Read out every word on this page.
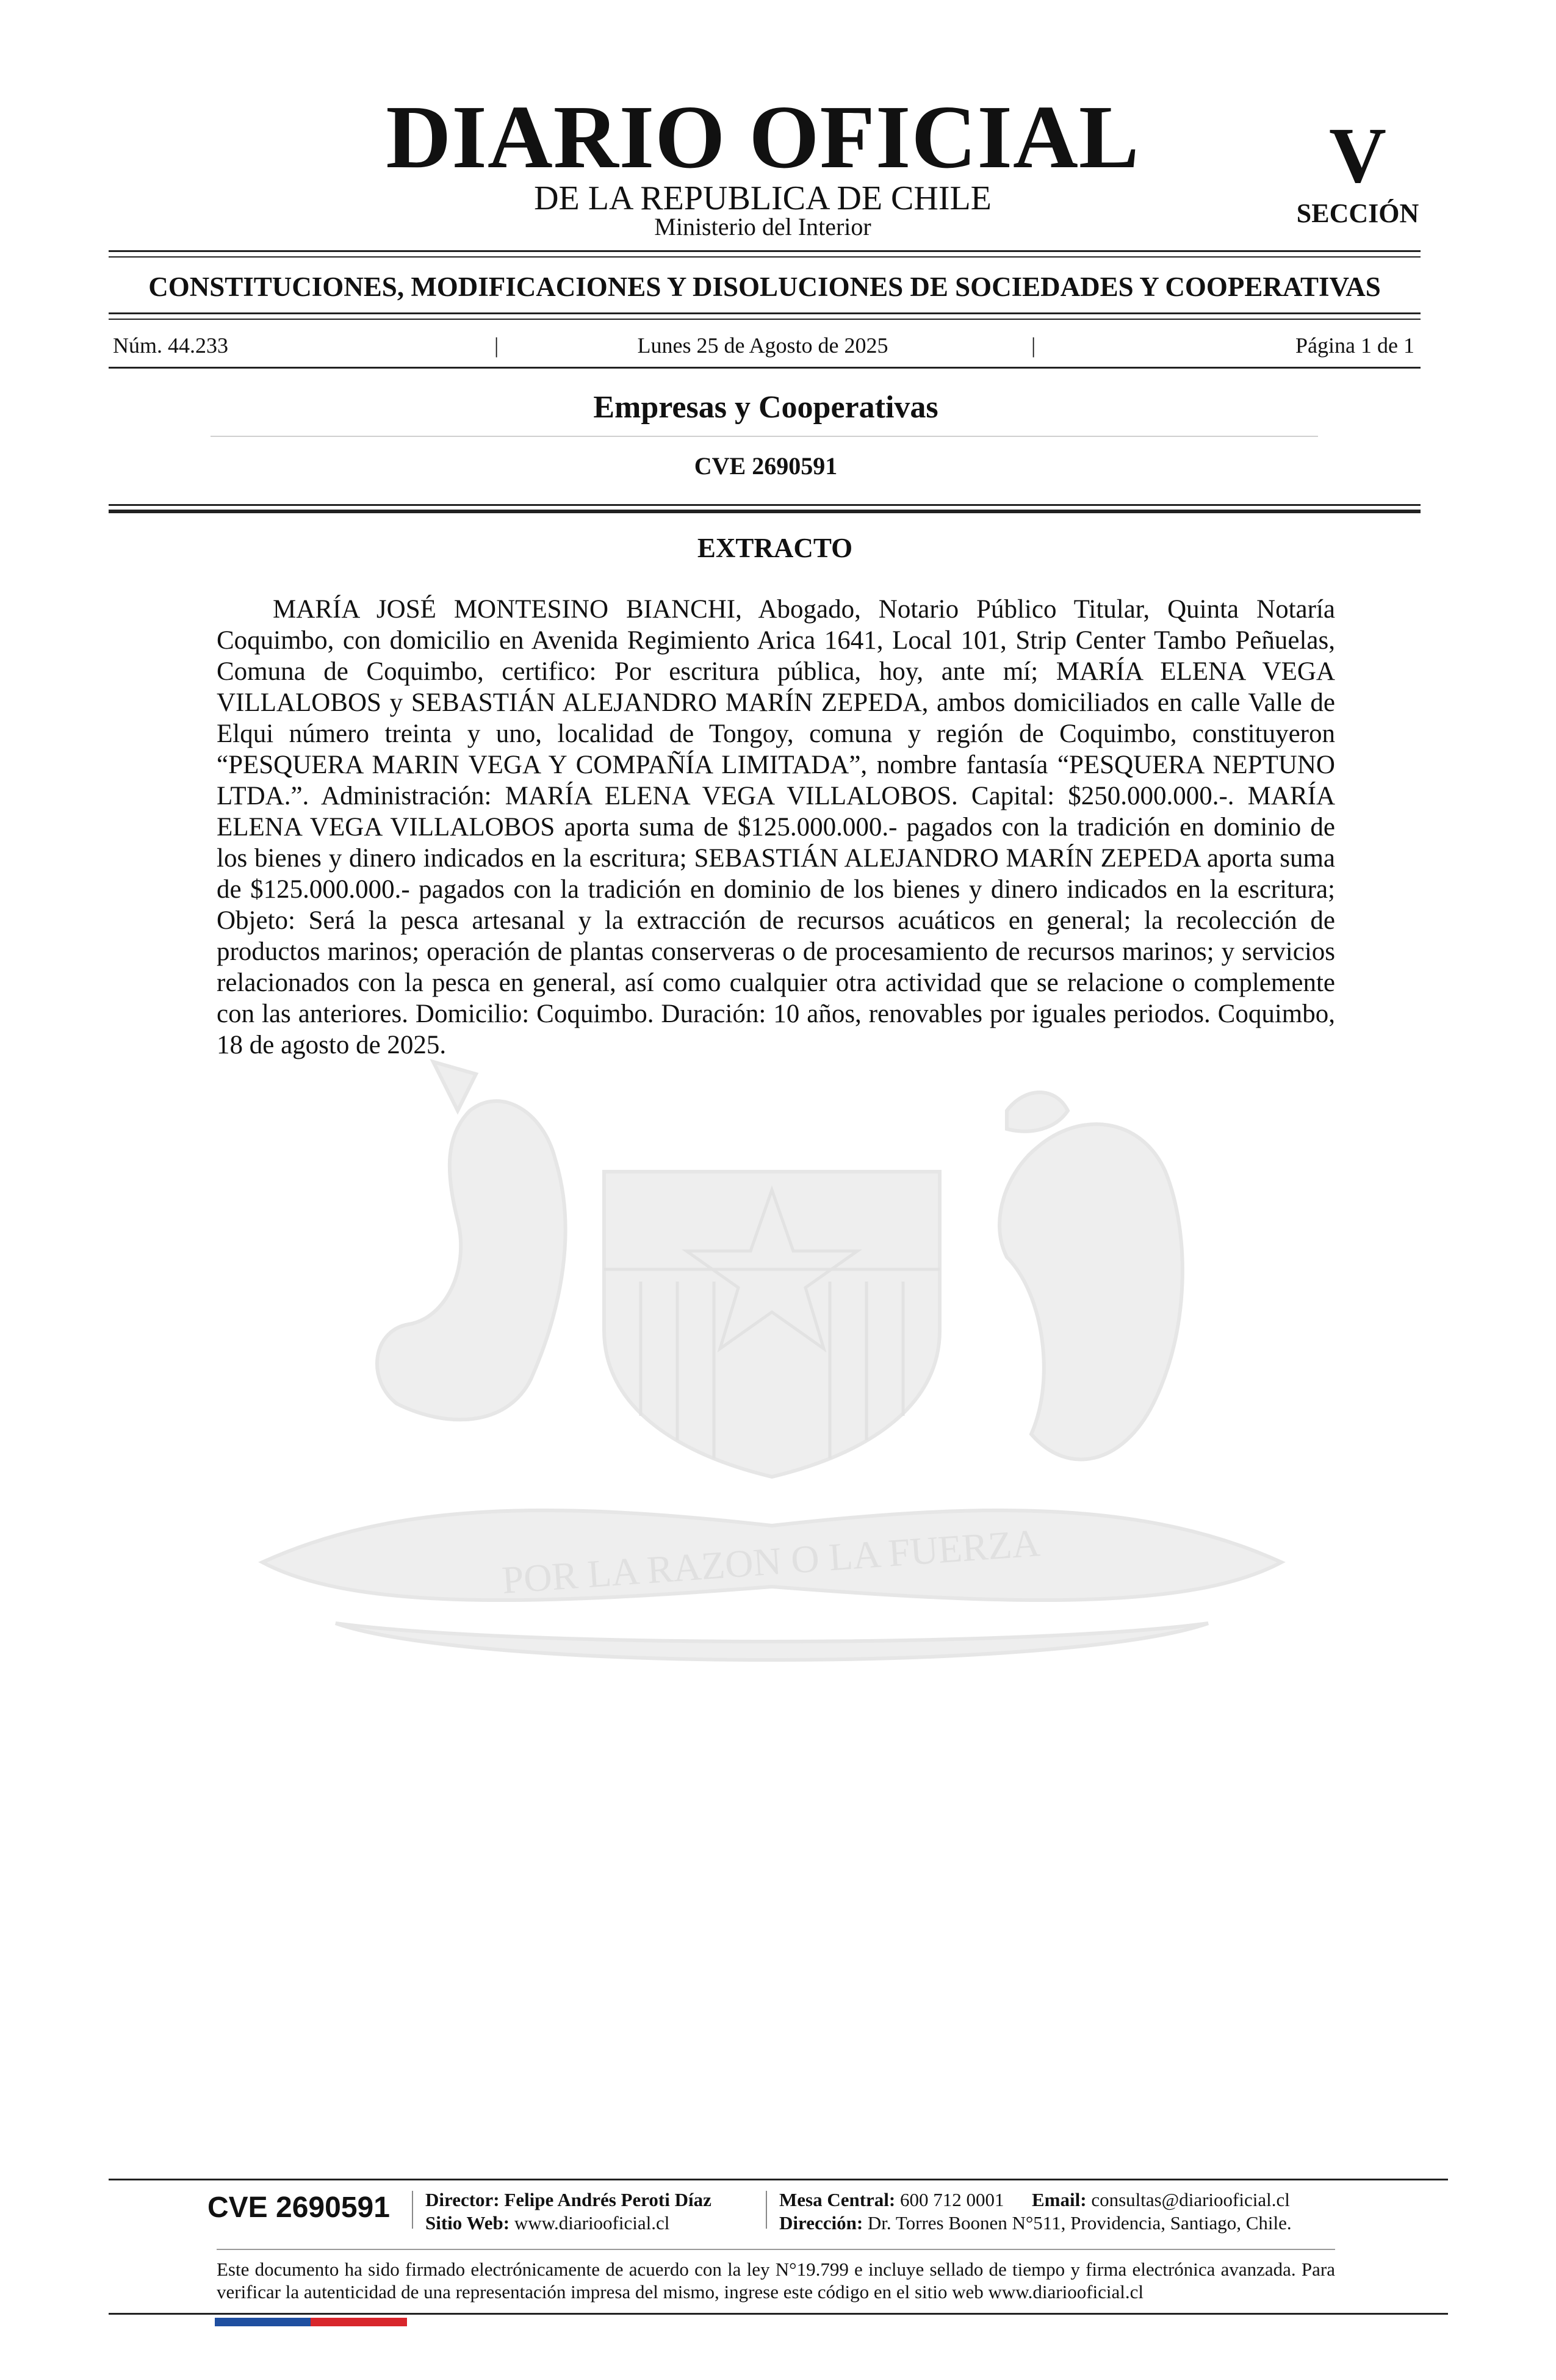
POR LA RAZON O LA FUERZA
DIARIO OFICIAL
DE LA REPUBLICA DE CHILE
Ministerio del Interior
V
SECCIÓN
CONSTITUCIONES, MODIFICACIONES Y DISOLUCIONES DE SOCIEDADES Y COOPERATIVAS
Núm. 44.233	|	Lunes 25 de Agosto de 2025	|	Página 1 de 1
Empresas y Cooperativas
CVE 2690591
EXTRACTO
MARÍA JOSÉ MONTESINO BIANCHI, Abogado, Notario Público Titular, Quinta Notaría Coquimbo, con domicilio en Avenida Regimiento Arica 1641, Local 101, Strip Center Tambo Peñuelas, Comuna de Coquimbo, certifico: Por escritura pública, hoy, ante mí; MARÍA ELENA VEGA VILLALOBOS y SEBASTIÁN ALEJANDRO MARÍN ZEPEDA, ambos domiciliados en calle Valle de Elqui número treinta y uno, localidad de Tongoy, comuna y región de Coquimbo, constituyeron “PESQUERA MARIN VEGA Y COMPAÑÍA LIMITADA”, nombre fantasía “PESQUERA NEPTUNO LTDA.”. Administración: MARÍA ELENA VEGA VILLALOBOS. Capital: $250.000.000.-. MARÍA ELENA VEGA VILLALOBOS aporta suma de $125.000.000.- pagados con la tradición en dominio de los bienes y dinero indicados en la escritura; SEBASTIÁN ALEJANDRO MARÍN ZEPEDA aporta suma de $125.000.000.- pagados con la tradición en dominio de los bienes y dinero indicados en la escritura; Objeto: Será la pesca artesanal y la extracción de recursos acuáticos en general; la recolección de productos marinos; operación de plantas conserveras o de procesamiento de recursos marinos; y servicios relacionados con la pesca en general, así como cualquier otra actividad que se relacione o complemente con las anteriores. Domicilio: Coquimbo. Duración: 10 años, renovables por iguales periodos. Coquimbo, 18 de agosto de 2025.
CVE 2690591	Director: Felipe Andrés Peroti Díaz
Sitio Web: www.diariooficial.cl
Mesa Central: 600 712 0001 Email: consultas@diariooficial.cl
Dirección: Dr. Torres Boonen N°511, Providencia, Santiago, Chile.
Este documento ha sido firmado electrónicamente de acuerdo con la ley N°19.799 e incluye sellado de tiempo y firma electrónica avanzada. Para verificar la autenticidad de una representación impresa del mismo, ingrese este código en el sitio web www.diariooficial.cl
